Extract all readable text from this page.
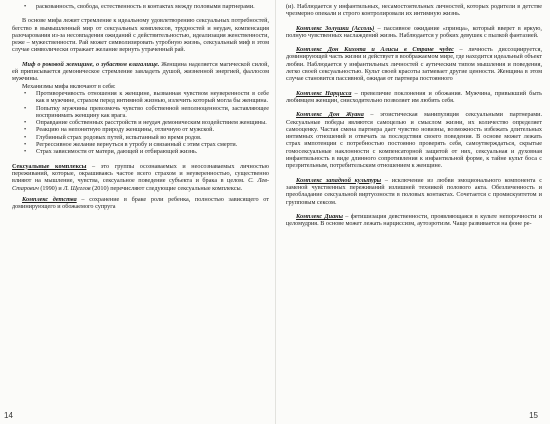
• раскованность, свобода, естественность в контактах между половыми партнерами.

В основе мифа лежит стремление к идеальному удовлетворению сексуальных потребностей, бегство в вымышленный мир от сексуальных комплексов, трудностей и неудач, компенсация разочарования из-за несовпадения ожиданий с действительностью, идеализация женственности, реже – мужественности. Рай может символизировать утробную жизнь, сексуальный миф в этом случае символически отражает желание вернуть утраченный рай.

Миф о роковой женщине, о зубастом влагалище. Женщина наделяется магической силой, ей приписывается демоническое стремление завладеть душой, жизненной энергией, фаллосом мужчины.

Механизмы мифа включают в себя:

• Противоречивость отношения к женщине, вызванная чувством неуверенности в себе как в мужчине, страхом перед интимной жизнью, излечить который могла бы женщина.
• Попытку мужчины превозмочь чувство собственной неполноценности, заставляющее воспринимать женщину как врага.
• Оправдание собственных расстройств и неудач демоническим воздействием женщины.
• Реакцию на непонятную природу женщины, отличную от мужской.
• Глубинный страх родовых путей, испытанный во время родов.
• Регрессивное желание вернуться в утробу и связанный с этим страх смерти.
• Страх зависимости от матери, дающей и отбирающей жизнь.

Сексуальные комплексы – это группы осознаваемых и неосознаваемых личностью переживаний, которые, окрашиваясь частое всего страхом и неуверенностью, существенно влияют на мышление, чувства, сексуальное поведение субъекта и брака в целом. С. Лев-Старович (1990) и Л. Щеглов (2010) перечисляют следующие сексуальные комплексы.

Комплекс детства – сохранение в браке роли ребенка, полностью зависящего от доминирующего и обожаемого супруга

14

(и). Наблюдается у инфантильных, несамостоятельных личностей, которых родители в детстве чрезмерно опекали и строго контролировали их интимную жизнь.

Комплекс Золушки (Ассоль) – пассивное ожидание «принца», который вверет в яркую, полную чувственных наслаждений жизнь. Наблюдается у робких девушек с пылкой фантазией.

Комплекс Дон Кихота и Алисы в Стране чудес – личность диссоциируется, доминирующей часть жизни и действует в воображаемом мире, где находится идеальный объект любви. Наблюдается у инфантильных личностей с аутическим типом мышления и поведения, легко своей сексуальностью. Культ своей красоты затмевает другие ценности. Женщина в этом случае становится пассивной, ожидая от партнера постоянного

Комплекс Нарцисса – превеличие поклонения и обожания. Мужчина, привыкший быть любимцем женщин, снисходительно позволяет им любить себя.

Комплекс Дон Жуана – эгоистическая манипуляция сексуальными партнерами. Сексуальные победы являются самоцелью и смыслом жизни, их количество определяет самооценку. Частая смена партнера дает чувство новизны, возможность избежать длительных интимных отношений и отвечать за последствия своего поведения. В основе может лежать страх импотенции с потребностью постоянно проверять себя, самоутверждаться, скрытые гомосексуальные наклонности с компенсаторной защитой от них, сексуальная и духовная инфантильность в виде длинного сопротивления к инфантильной форме, к тайне культ боса с презрительным, потребительским отношением к женщине.

Комплекс западной культуры – исключение из любви эмоционального компонента с заменой чувственных переживаний излишней техникой полового акта. Обезличенность и преобладание сексуальной виртуозности в половых контактах. Сочетается с промискуитетом и групповым сексом.

Комплекс Дианы – фетишизация девственности, проявляющаяся в культе непорочности и целомудрия. В основе может лежать нарциссизм, аутоэротизм. Чаще развивается на фоне ре-

15
